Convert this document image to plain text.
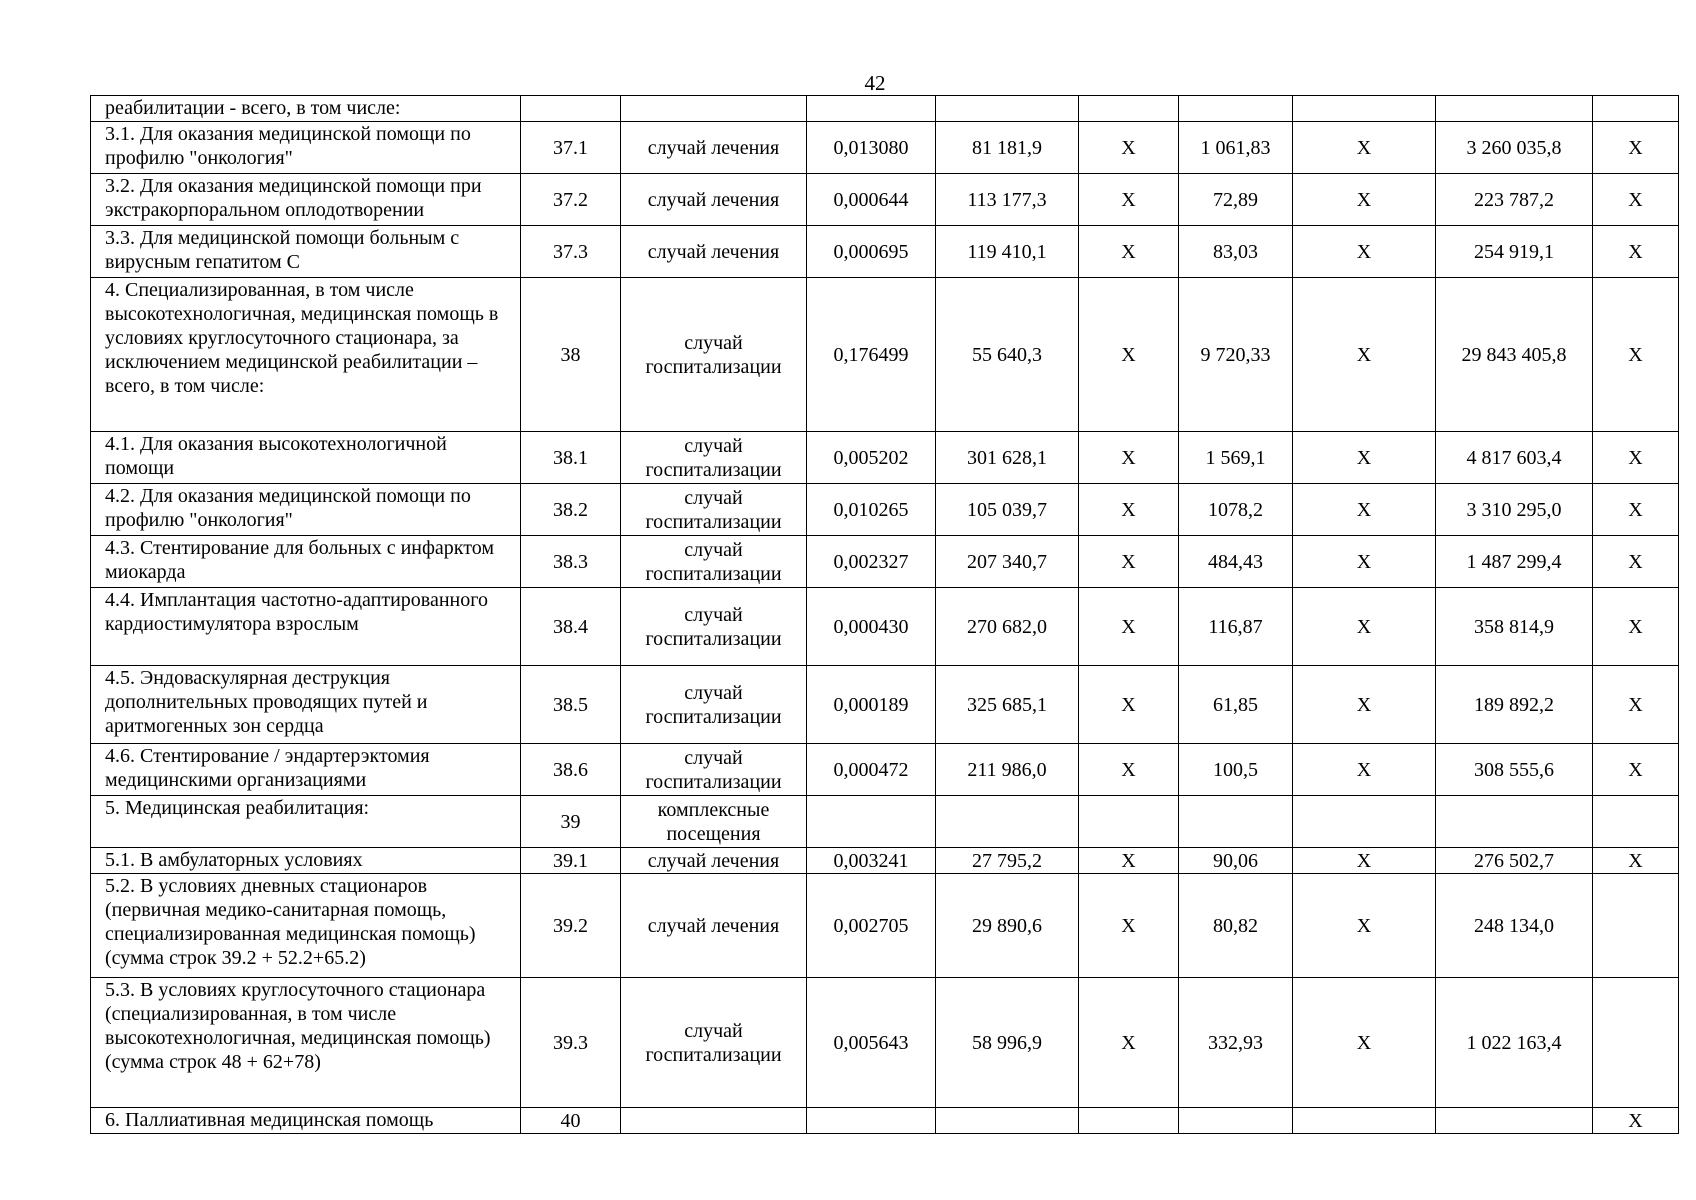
42
реабилитации - всего, в том числе:									
3.1. Для оказания медицинской помощи по профилю "онкология"	37.1	случай лечения	0,013080	81 181,9	X	1 061,83	X	3 260 035,8	X
3.2. Для оказания медицинской помощи при экстракорпоральном оплодотворении	37.2	случай лечения	0,000644	113 177,3	X	72,89	X	223 787,2	X
3.3. Для медицинской помощи больным с вирусным гепатитом C	37.3	случай лечения	0,000695	119 410,1	X	83,03	X	254 919,1	X
4. Специализированная, в том числе высокотехнологичная, медицинская помощь в условиях круглосуточного стационара, за исключением медицинской реабилитации – всего, в том числе:	38	случай госпитализации	0,176499	55 640,3	X	9 720,33	X	29 843 405,8	X
4.1. Для оказания высокотехнологичной помощи	38.1	случай госпитализации	0,005202	301 628,1	X	1 569,1	X	4 817 603,4	X
4.2. Для оказания медицинской помощи по профилю "онкология"	38.2	случай госпитализации	0,010265	105 039,7	X	1078,2	X	3 310 295,0	X
4.3. Стентирование для больных с инфарктом миокарда	38.3	случай госпитализации	0,002327	207 340,7	X	484,43	X	1 487 299,4	X
4.4. Имплантация частотно-адаптированного кардиостимулятора взрослым	38.4	случай госпитализации	0,000430	270 682,0	X	116,87	X	358 814,9	X
4.5. Эндоваскулярная деструкция дополнительных проводящих путей и аритмогенных зон сердца	38.5	случай госпитализации	0,000189	325 685,1	X	61,85	X	189 892,2	X
4.6. Стентирование / эндартерэктомия медицинскими организациями	38.6	случай госпитализации	0,000472	211 986,0	X	100,5	X	308 555,6	X
5. Медицинская реабилитация:	39	комплексные посещения							
5.1. В амбулаторных условиях	39.1	случай лечения	0,003241	27 795,2	X	90,06	X	276 502,7	X
5.2. В условиях дневных стационаров (первичная медико-санитарная помощь, специализированная медицинская помощь) (сумма строк 39.2 + 52.2+65.2)	39.2	случай лечения	0,002705	29 890,6	X	80,82	X	248 134,0	
5.3. В условиях круглосуточного стационара (специализированная, в том числе высокотехнологичная, медицинская помощь) (сумма строк 48 + 62+78)	39.3	случай госпитализации	0,005643	58 996,9	X	332,93	X	1 022 163,4	
6. Паллиативная медицинская помощь	40								X
